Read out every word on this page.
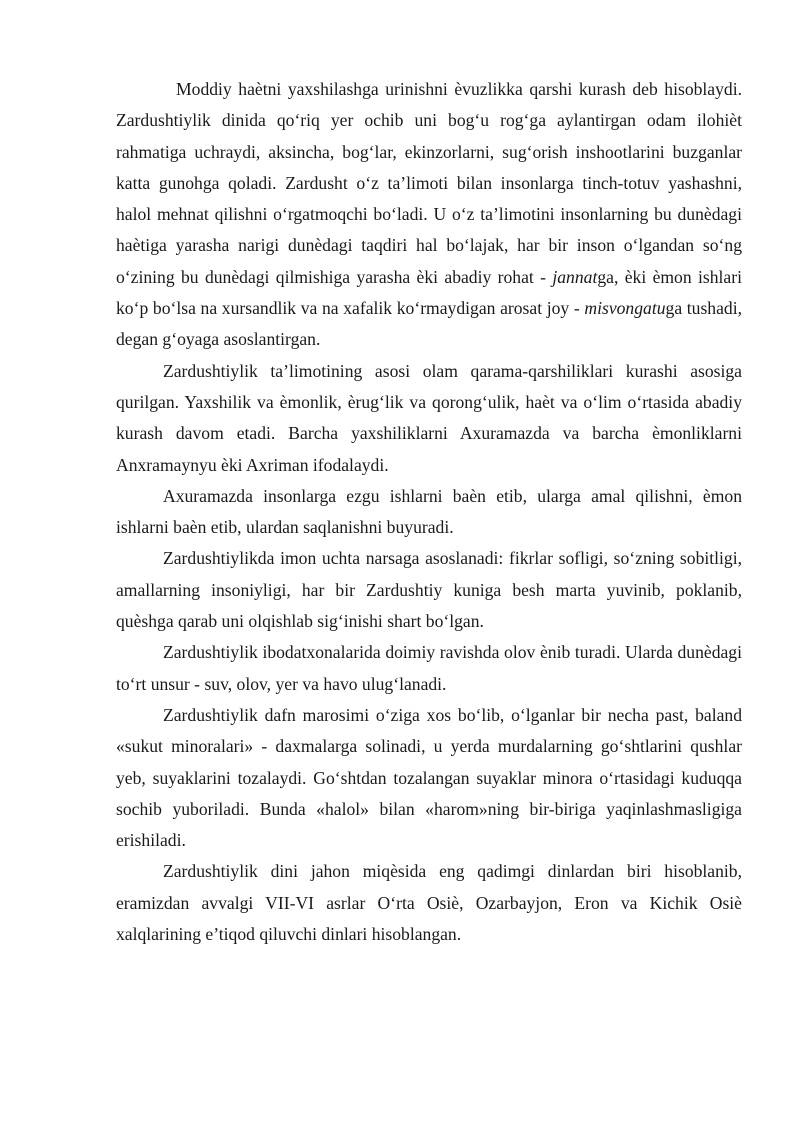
Moddiy haètni yaxshilashga urinishni èvuzlikka qarshi kurash deb hisoblaydi. Zardushtiylik dinida qo‘riq yer ochib uni bog‘u rog‘ga aylantirgan odam ilohièt rahmatiga uchraydi, aksincha, bog‘lar, ekinzorlarni, sug‘orish inshootlarini buzganlar katta gunohga qoladi. Zardusht o‘z ta’limoti bilan insonlarga tinch-totuv yashashni, halol mehnat qilishni o‘rgatmoqchi bo‘ladi. U o‘z ta’limotini insonlarning bu dunèdagi haètiga yarasha narigi dunèdagi taqdiri hal bo‘lajak, har bir inson o‘lgandan so‘ng o‘zining bu dunèdagi qilmishiga yarasha èki abadiy rohat - jannatga, èki èmon ishlari ko‘p bo‘lsa na xursandlik va na xafalik ko‘rmaydigan arosat joy - misvongatuga tushadi, degan g‘oyaga asoslantirgan.

Zardushtiylik ta’limotining asosi olam qarama-qarshiliklari kurashi asosiga qurilgan. Yaxshilik va èmonlik, èrug‘lik va qorong‘ulik, haèt va o‘lim o‘rtasida abadiy kurash davom etadi. Barcha yaxshiliklarni Axuramazda va barcha èmonliklarni Anxramaynyu èki Axriman ifodalaydi.

Axuramazda insonlarga ezgu ishlarni baèn etib, ularga amal qilishni, èmon ishlarni baèn etib, ulardan saqlanishni buyuradi.

Zardushtiylikda imon uchta narsaga asoslanadi: fikrlar sofligi, so‘zning sobitligi, amallarning insoniyligi, har bir Zardushtiy kuniga besh marta yuvinib, poklanib, quèshga qarab uni olqishlab sig‘inishi shart bo‘lgan.

Zardushtiylik ibodatxonalarida doimiy ravishda olov ènib turadi. Ularda dunèdagi to‘rt unsur - suv, olov, yer va havo ulug‘lanadi.

Zardushtiylik dafn marosimi o‘ziga xos bo‘lib, o‘lganlar bir necha past, baland «sukut minoralari» - daxmalarga solinadi, u yerda murdalarning go‘shtlarini qushlar yeb, suyaklarini tozalaydi. Go‘shtdan tozalangan suyaklar minora o‘rtasidagi kuduqqa sochib yuboriladi. Bunda «halol» bilan «harom»ning bir-biriga yaqinlashmasligiga erishiladi.

Zardushtiylik dini jahon miqèsida eng qadimgi dinlardan biri hisoblanib, eramizdan avvalgi VII-VI asrlar O‘rta Osiè, Ozarbayjon, Eron va Kichik Osiè xalqlarining e’tiqod qiluvchi dinlari hisoblangan.
